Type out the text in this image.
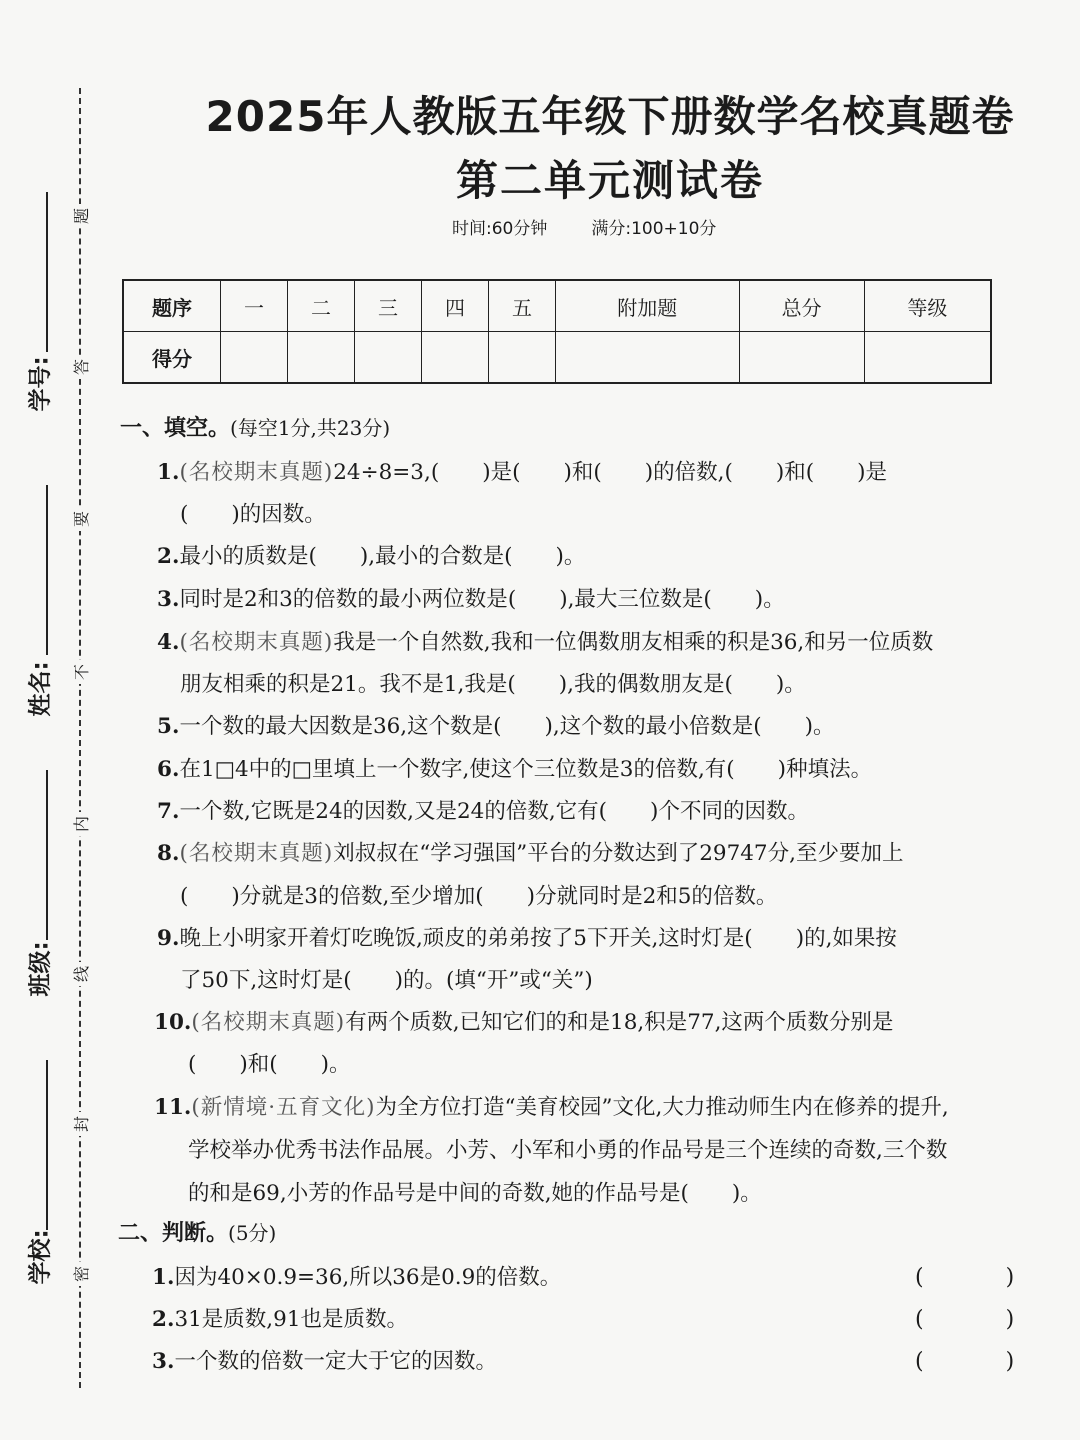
学号:
姓名:
班级:
学校:
题
答
要
不
内
线
封
密
2025年人教版五年级下册数学名校真题卷
第二单元测试卷
时间:60分钟	满分:100+10分
题序	一	二	三	四	五	附加题	总分	等级
得分								
一、填空。(每空1分,共23分)
1.(名校期末真题)24÷8=3,(　　)是(　　)和(　　)的倍数,(　　)和(　　)是
(　　)的因数。
2.最小的质数是(　　),最小的合数是(　　)。
3.同时是2和3的倍数的最小两位数是(　　),最大三位数是(　　)。
4.(名校期末真题)我是一个自然数,我和一位偶数朋友相乘的积是36,和另一位质数
朋友相乘的积是21。我不是1,我是(　　),我的偶数朋友是(　　)。
5.一个数的最大因数是36,这个数是(　　),这个数的最小倍数是(　　)。
6.在1□4中的□里填上一个数字,使这个三位数是3的倍数,有(　　)种填法。
7.一个数,它既是24的因数,又是24的倍数,它有(　　)个不同的因数。
8.(名校期末真题)刘叔叔在“学习强国”平台的分数达到了29747分,至少要加上
(　　)分就是3的倍数,至少增加(　　)分就同时是2和5的倍数。
9.晚上小明家开着灯吃晚饭,顽皮的弟弟按了5下开关,这时灯是(　　)的,如果按
了50下,这时灯是(　　)的。(填“开”或“关”)
10.(名校期末真题)有两个质数,已知它们的和是18,积是77,这两个质数分别是
(　　)和(　　)。
11.(新情境·五育文化)为全方位打造“美育校园”文化,大力推动师生内在修养的提升,
学校举办优秀书法作品展。小芳、小军和小勇的作品号是三个连续的奇数,三个数
的和是69,小芳的作品号是中间的奇数,她的作品号是(　　)。
二、判断。(5分)
1.因为40×0.9=36,所以36是0.9的倍数。	(　)
2.31是质数,91也是质数。	(　)
3.一个数的倍数一定大于它的因数。	(　)
